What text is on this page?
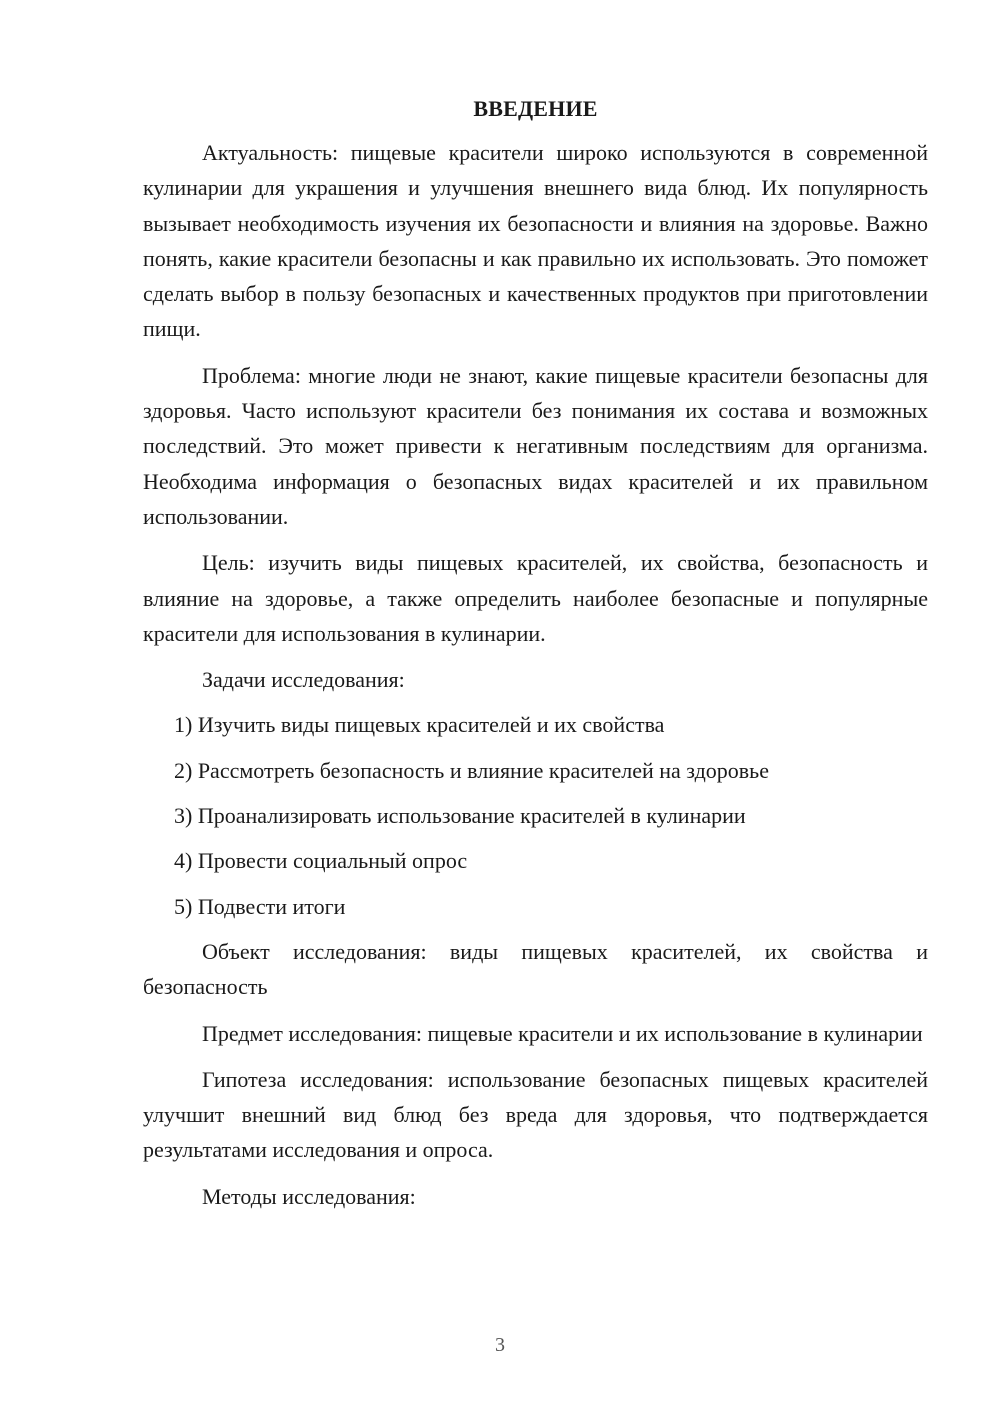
ВВЕДЕНИЕ

Актуальность: пищевые красители широко используются в современной кулинарии для украшения и улучшения внешнего вида блюд. Их популярность вызывает необходимость изучения их безопасности и влияния на здоровье. Важно понять, какие красители безопасны и как правильно их использовать. Это поможет сделать выбор в пользу безопасных и качественных продуктов при приготовлении пищи.

Проблема: многие люди не знают, какие пищевые красители безопасны для здоровья. Часто используют красители без понимания их состава и возможных последствий. Это может привести к негативным последствиям для организма. Необходима информация о безопасных видах красителей и их правильном использовании.

Цель: изучить виды пищевых красителей, их свойства, безопасность и влияние на здоровье, а также определить наиболее безопасные и популярные красители для использования в кулинарии.

Задачи исследования:
1) Изучить виды пищевых красителей и их свойства
2) Рассмотреть безопасность и влияние красителей на здоровье
3) Проанализировать использование красителей в кулинарии
4) Провести социальный опрос
5) Подвести итоги

Объект исследования: виды пищевых красителей, их свойства и безопасность

Предмет исследования: пищевые красители и их использование в кулинарии

Гипотеза исследования: использование безопасных пищевых красителей улучшит внешний вид блюд без вреда для здоровья, что подтверждается результатами исследования и опроса.

Методы исследования:
3
